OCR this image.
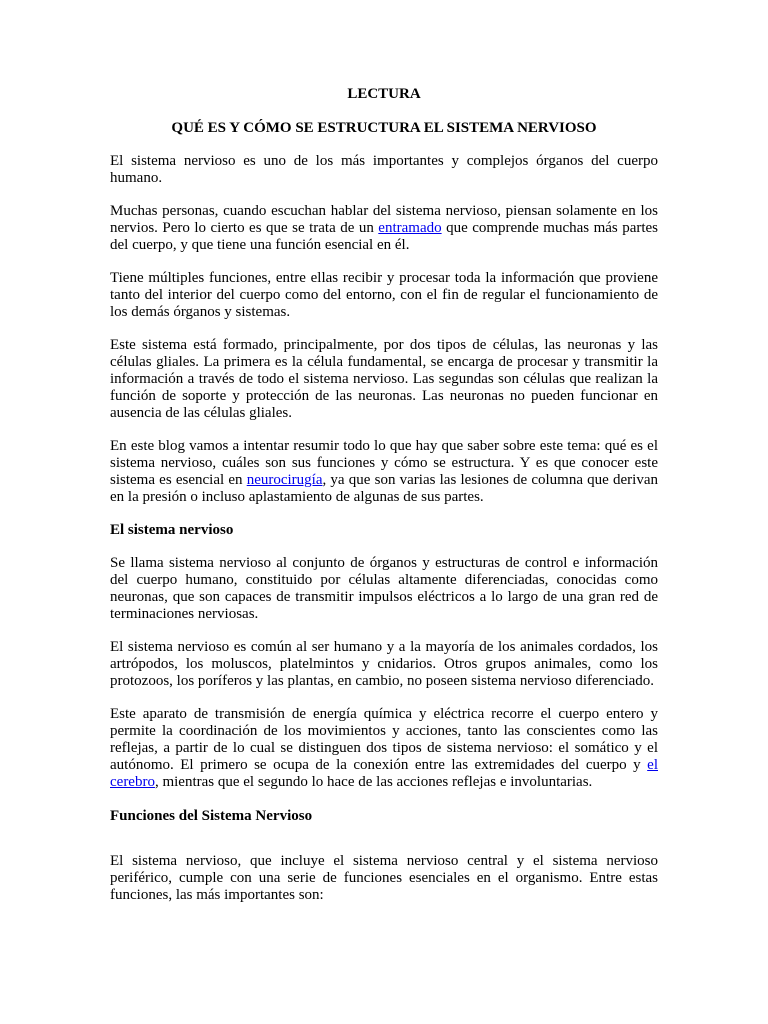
LECTURA
QUÉ ES Y CÓMO SE ESTRUCTURA EL SISTEMA NERVIOSO

El sistema nervioso es uno de los más importantes y complejos órganos del cuerpo humano.

Muchas personas, cuando escuchan hablar del sistema nervioso, piensan solamente en los nervios. Pero lo cierto es que se trata de un entramado que comprende muchas más partes del cuerpo, y que tiene una función esencial en él.

Tiene múltiples funciones, entre ellas recibir y procesar toda la información que proviene tanto del interior del cuerpo como del entorno, con el fin de regular el funcionamiento de los demás órganos y sistemas.

Este sistema está formado, principalmente, por dos tipos de células, las neuronas y las células gliales. La primera es la célula fundamental, se encarga de procesar y transmitir la información a través de todo el sistema nervioso. Las segundas son células que realizan la función de soporte y protección de las neuronas. Las neuronas no pueden funcionar en ausencia de las células gliales.

En este blog vamos a intentar resumir todo lo que hay que saber sobre este tema: qué es el sistema nervioso, cuáles son sus funciones y cómo se estructura. Y es que conocer este sistema es esencial en neurocirugía, ya que son varias las lesiones de columna que derivan en la presión o incluso aplastamiento de algunas de sus partes.

El sistema nervioso

Se llama sistema nervioso al conjunto de órganos y estructuras de control e información del cuerpo humano, constituido por células altamente diferenciadas, conocidas como neuronas, que son capaces de transmitir impulsos eléctricos a lo largo de una gran red de terminaciones nerviosas.

El sistema nervioso es común al ser humano y a la mayoría de los animales cordados, los artrópodos, los moluscos, platelmintos y cnidarios. Otros grupos animales, como los protozoos, los poríferos y las plantas, en cambio, no poseen sistema nervioso diferenciado.

Este aparato de transmisión de energía química y eléctrica recorre el cuerpo entero y permite la coordinación de los movimientos y acciones, tanto las conscientes como las reflejas, a partir de lo cual se distinguen dos tipos de sistema nervioso: el somático y el autónomo. El primero se ocupa de la conexión entre las extremidades del cuerpo y el cerebro, mientras que el segundo lo hace de las acciones reflejas e involuntarias.

Funciones del Sistema Nervioso

El sistema nervioso, que incluye el sistema nervioso central y el sistema nervioso periférico, cumple con una serie de funciones esenciales en el organismo. Entre estas funciones, las más importantes son:
